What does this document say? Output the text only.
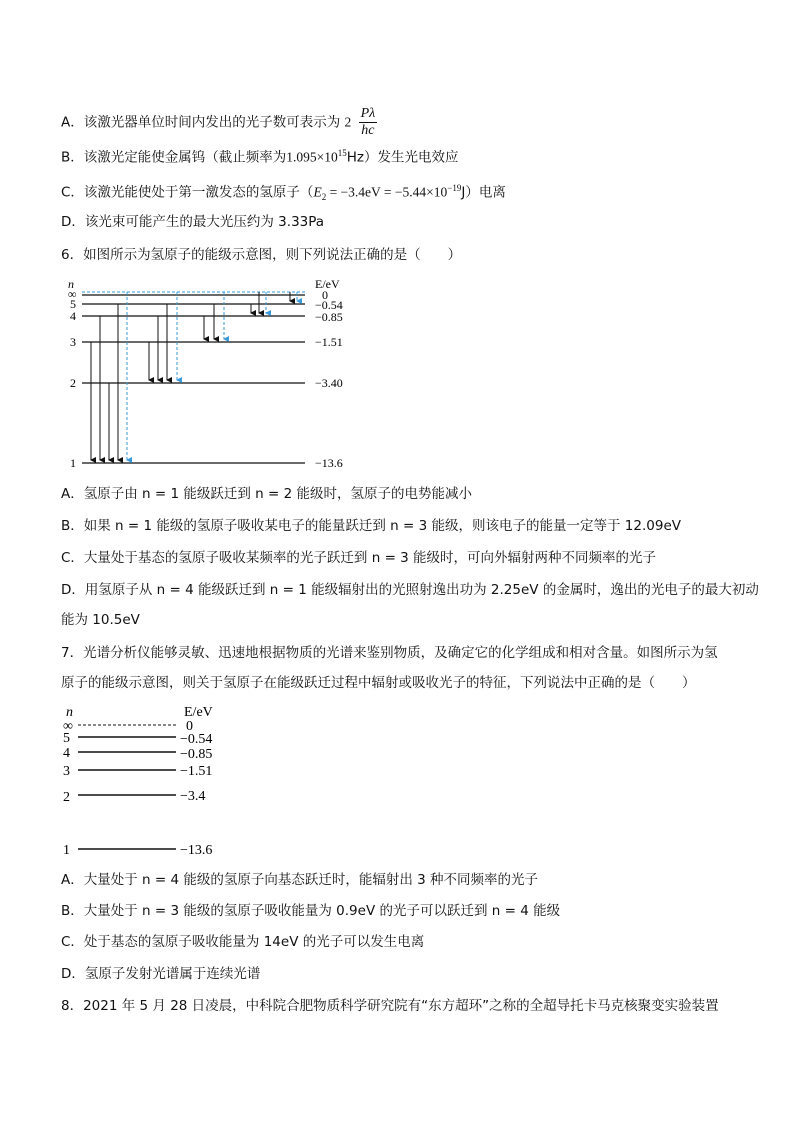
A．该激光器单位时间内发出的光子数可表示为 $2 \frac{P\lambda}{hc}$
B．该激光定能使金属钨（截止频率为$1.095\times 10^{15}Hz$）发生光电效应
C．该激光能使处于第一激发态的氢原子$(E_2 = -3.4eV = -5.44\times 10^{-19}J)$电离
D．该光束可能产生的最大光压约为 3.33Pa
6．如图所示为氢原子的能级示意图，则下列说法正确的是（　　）
n	E/eV
∞
5
4
3
2
1
0
−0.54
−0.85
−1.51
−3.40
−13.6
A．氢原子由 n = 1 能级跃迁到 n = 2 能级时，氢原子的电势能减小
B．如果 n = 1 能级的氢原子吸收某电子的能量跃迁到 n = 3 能级，则该电子的能量一定等于 12.09eV
C．大量处于基态的氢原子吸收某频率的光子跃迁到 n = 3 能级时，可向外辐射两种不同频率的光子
D．用氢原子从 n = 4 能级跃迁到 n = 1 能级辐射出的光照射逸出功为 2.25eV 的金属时，逸出的光电子的最大初动
能为 10.5eV
7．光谱分析仪能够灵敏、迅速地根据物质的光谱来鉴别物质，及确定它的化学组成和相对含量。如图所示为氢
原子的能级示意图，则关于氢原子在能级跃迁过程中辐射或吸收光子的特征，下列说法中正确的是（　　）
n	E/eV
∞
5
4
3
2
1
0
−0.54
−0.85
−1.51
−3.4
−13.6
A．大量处于 n = 4 能级的氢原子向基态跃迁时，能辐射出 3 种不同频率的光子
B．大量处于 n = 3 能级的氢原子吸收能量为 0.9eV 的光子可以跃迁到 n = 4 能级
C．处于基态的氢原子吸收能量为 14eV 的光子可以发生电离
D．氢原子发射光谱属于连续光谱
8．2021 年 5 月 28 日凌晨，中科院合肥物质科学研究院有“东方超环”之称的全超导托卡马克核聚变实验装置
